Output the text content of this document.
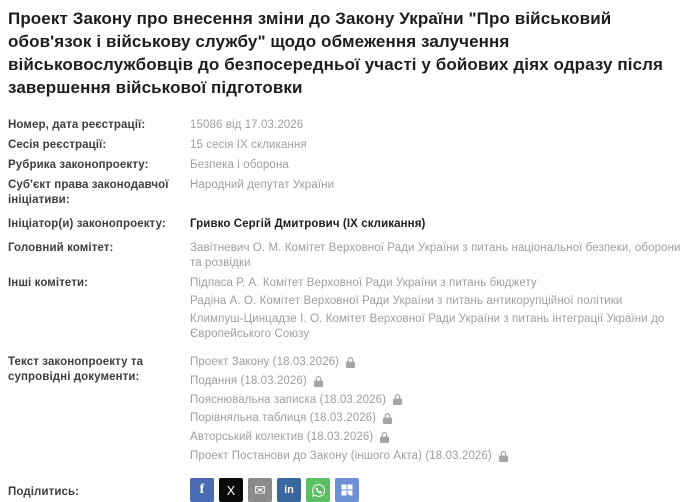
Проект Закону про внесення зміни до Закону України "Про військовий обов'язок і військову службу" щодо обмеження залучення військовослужбовців до безпосередньої участі у бойових діях одразу після завершення військової підготовки
Номер, дата реєстрації:	15086 від 17.03.2026
Сесія реєстрації:	15 сесія IX скликання
Рубрика законопроекту:	Безпека і оборона
Суб'єкт права законодавчої ініціативи:
Народний депутат України
Ініціатор(и) законопроекту:	Гривко Сергій Дмитрович (ІХ скликання)
Головний комітет:	Завітневич О. М. Комітет Верховної Ради України з питань національної безпеки, оборони та розвідки
Інші комітети:	Підпаса Р. А. Комітет Верховної Ради України з питань бюджету
Радіна А. О. Комітет Верховної Ради України з питань антикорупційної політики
Климпуш-Цинцадзе І. О. Комітет Верховної Ради України з питань інтеграції України до Європейського Союзу
Текст законопроекту та супровідні документи:
Проект Закону (18.03.2026)
Подання (18.03.2026)
Пояснювальна записка (18.03.2026)
Порівняльна таблиця (18.03.2026)
Авторський колектив (18.03.2026)
Проект Постанови до Закону (іншого Акта) (18.03.2026)
Поділитись:	f X ✉ in
